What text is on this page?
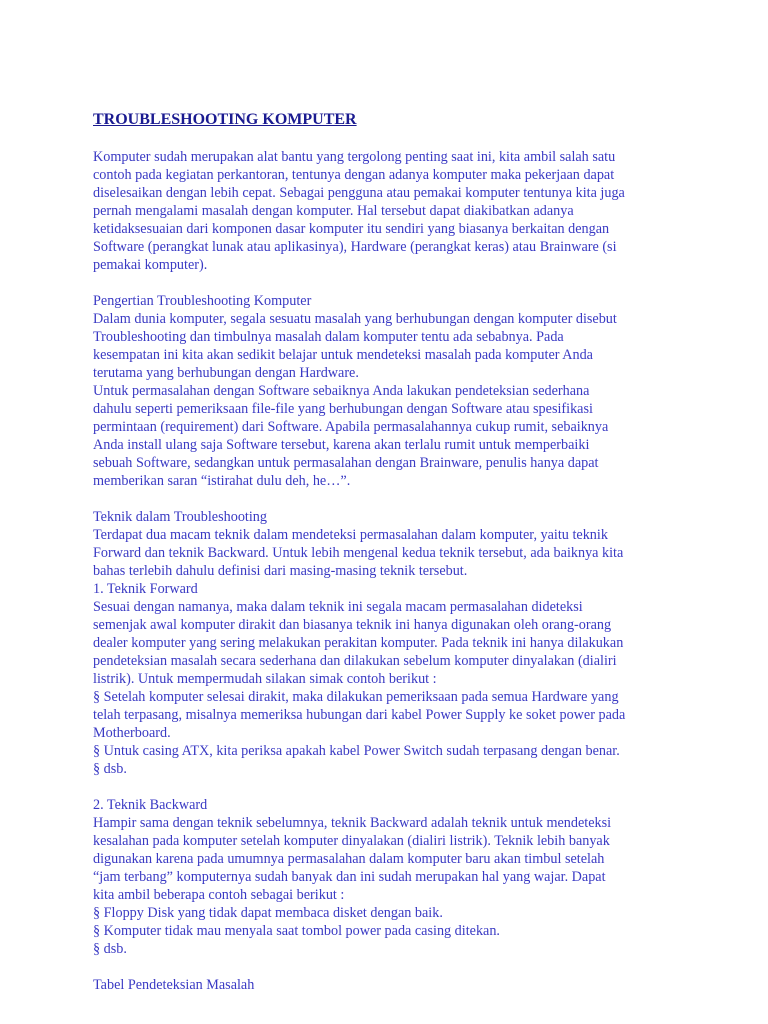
TROUBLESHOOTING KOMPUTER
Komputer sudah merupakan alat bantu yang tergolong penting saat ini, kita ambil salah satu
contoh pada kegiatan perkantoran, tentunya dengan adanya komputer maka pekerjaan dapat
diselesaikan dengan lebih cepat. Sebagai pengguna atau pemakai komputer tentunya kita juga
pernah mengalami masalah dengan komputer. Hal tersebut dapat diakibatkan adanya
ketidaksesuaian dari komponen dasar komputer itu sendiri yang biasanya berkaitan dengan
Software (perangkat lunak atau aplikasinya), Hardware (perangkat keras) atau Brainware (si
pemakai komputer).
Pengertian Troubleshooting Komputer
Dalam dunia komputer, segala sesuatu masalah yang berhubungan dengan komputer disebut
Troubleshooting dan timbulnya masalah dalam komputer tentu ada sebabnya. Pada
kesempatan ini kita akan sedikit belajar untuk mendeteksi masalah pada komputer Anda
terutama yang berhubungan dengan Hardware.
Untuk permasalahan dengan Software sebaiknya Anda lakukan pendeteksian sederhana
dahulu seperti pemeriksaan file-file yang berhubungan dengan Software atau spesifikasi
permintaan (requirement) dari Software. Apabila permasalahannya cukup rumit, sebaiknya
Anda install ulang saja Software tersebut, karena akan terlalu rumit untuk memperbaiki
sebuah Software, sedangkan untuk permasalahan dengan Brainware, penulis hanya dapat
memberikan saran “istirahat dulu deh, he…”.
Teknik dalam Troubleshooting
Terdapat dua macam teknik dalam mendeteksi permasalahan dalam komputer, yaitu teknik
Forward dan teknik Backward. Untuk lebih mengenal kedua teknik tersebut, ada baiknya kita
bahas terlebih dahulu definisi dari masing-masing teknik tersebut.
1. Teknik Forward
Sesuai dengan namanya, maka dalam teknik ini segala macam permasalahan dideteksi
semenjak awal komputer dirakit dan biasanya teknik ini hanya digunakan oleh orang-orang
dealer komputer yang sering melakukan perakitan komputer. Pada teknik ini hanya dilakukan
pendeteksian masalah secara sederhana dan dilakukan sebelum komputer dinyalakan (dialiri
listrik). Untuk mempermudah silakan simak contoh berikut :
§ Setelah komputer selesai dirakit, maka dilakukan pemeriksaan pada semua Hardware yang
telah terpasang, misalnya memeriksa hubungan dari kabel Power Supply ke soket power pada
Motherboard.
§ Untuk casing ATX, kita periksa apakah kabel Power Switch sudah terpasang dengan benar.
§ dsb.
2. Teknik Backward
Hampir sama dengan teknik sebelumnya, teknik Backward adalah teknik untuk mendeteksi
kesalahan pada komputer setelah komputer dinyalakan (dialiri listrik). Teknik lebih banyak
digunakan karena pada umumnya permasalahan dalam komputer baru akan timbul setelah
“jam terbang” komputernya sudah banyak dan ini sudah merupakan hal yang wajar. Dapat
kita ambil beberapa contoh sebagai berikut :
§ Floppy Disk yang tidak dapat membaca disket dengan baik.
§ Komputer tidak mau menyala saat tombol power pada casing ditekan.
§ dsb.
Tabel Pendeteksian Masalah
